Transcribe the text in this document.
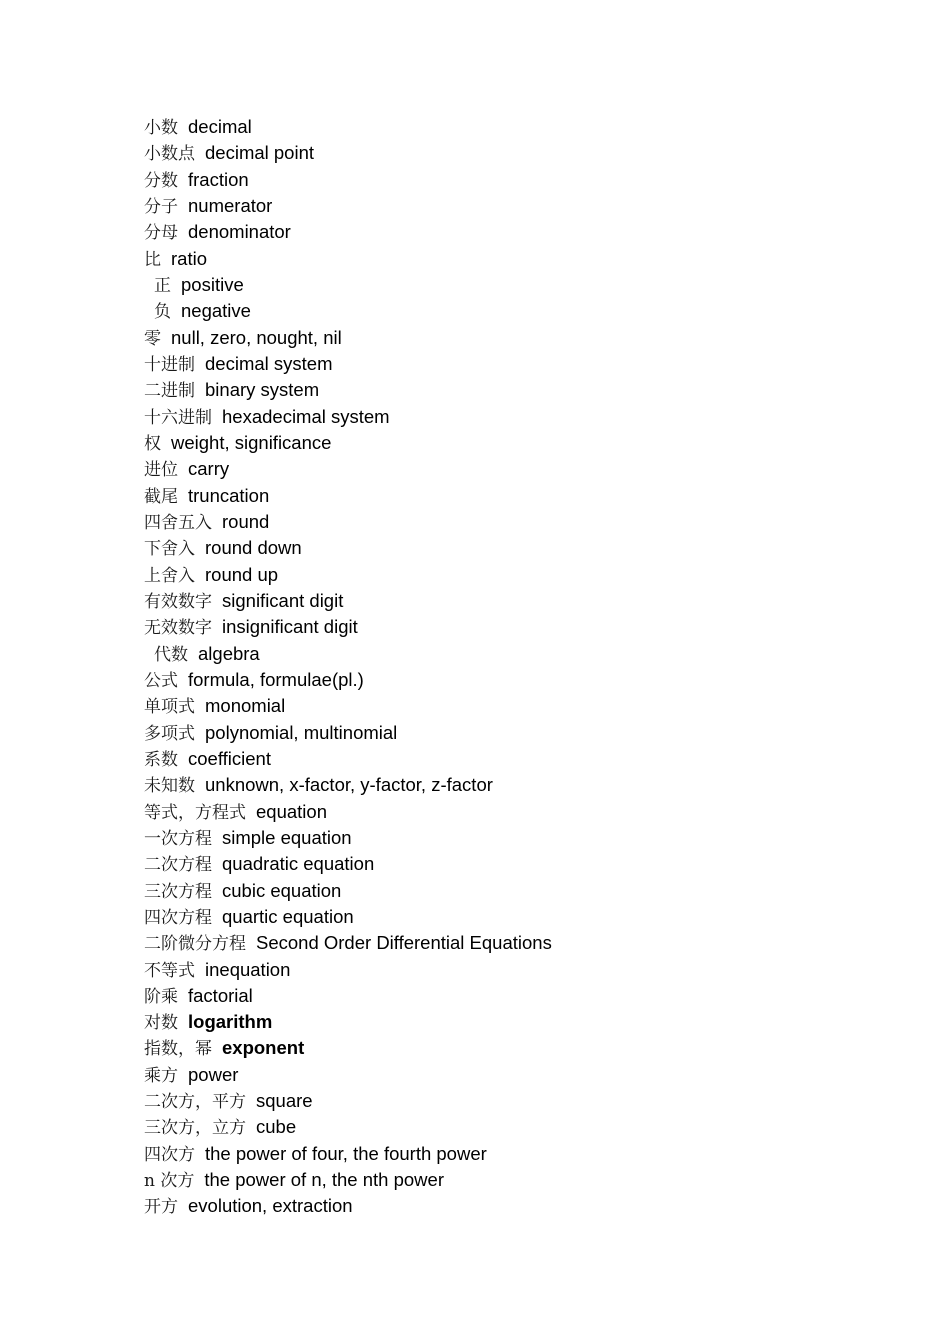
小数 decimal
小数点 decimal point
分数 fraction
分子 numerator
分母 denominator
比 ratio
正 positive
负 negative
零 null, zero, nought, nil
十进制 decimal system
二进制 binary system
十六进制 hexadecimal system
权 weight, significance
进位 carry
截尾 truncation
四舍五入 round
下舍入 round down
上舍入 round up
有效数字 significant digit
无效数字 insignificant digit
代数 algebra
公式 formula, formulae(pl.)
单项式 monomial
多项式 polynomial, multinomial
系数 coefficient
未知数 unknown, x-factor, y-factor, z-factor
等式，方程式 equation
一次方程 simple equation
二次方程 quadratic equation
三次方程 cubic equation
四次方程 quartic equation
二阶微分方程 Second Order Differential Equations
不等式 inequation
阶乘 factorial
对数 logarithm
指数，幂 exponent
乘方 power
二次方，平方 square
三次方，立方 cube
四次方 the power of four, the fourth power
n 次方 the power of n, the nth power
开方 evolution, extraction
